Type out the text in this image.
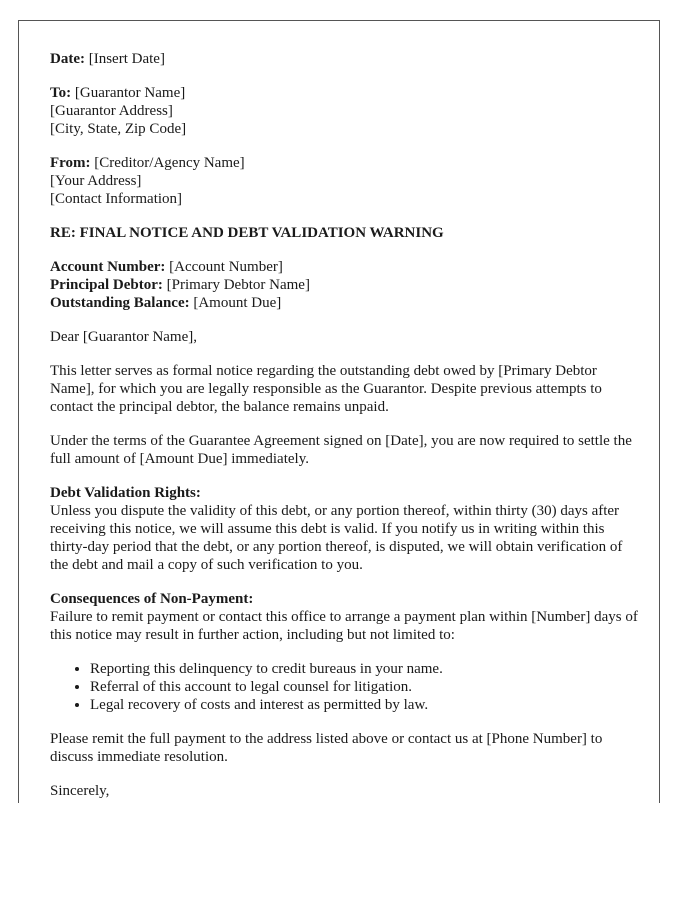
Date: [Insert Date]

To: [Guarantor Name]

[Guarantor Address]

[City, State, Zip Code]

From: [Creditor/Agency Name]

[Your Address]

[Contact Information]

RE: FINAL NOTICE AND DEBT VALIDATION WARNING

Account Number: [Account Number]

Principal Debtor: [Primary Debtor Name]

Outstanding Balance: [Amount Due]

Dear [Guarantor Name],

This letter serves as formal notice regarding the outstanding debt owed by [Primary Debtor Name], for which you are legally responsible as the Guarantor. Despite previous attempts to contact the principal debtor, the balance remains unpaid.

Under the terms of the Guarantee Agreement signed on [Date], you are now required to settle the full amount of [Amount Due] immediately.

Debt Validation Rights:

Unless you dispute the validity of this debt, or any portion thereof, within thirty (30) days after receiving this notice, we will assume this debt is valid. If you notify us in writing within this thirty-day period that the debt, or any portion thereof, is disputed, we will obtain verification of the debt and mail a copy of such verification to you.

Consequences of Non-Payment:

Failure to remit payment or contact this office to arrange a payment plan within [Number] days of this notice may result in further action, including but not limited to:

• Reporting this delinquency to credit bureaus in your name.
• Referral of this account to legal counsel for litigation.
• Legal recovery of costs and interest as permitted by law.

Please remit the full payment to the address listed above or contact us at [Phone Number] to discuss immediate resolution.

Sincerely,
